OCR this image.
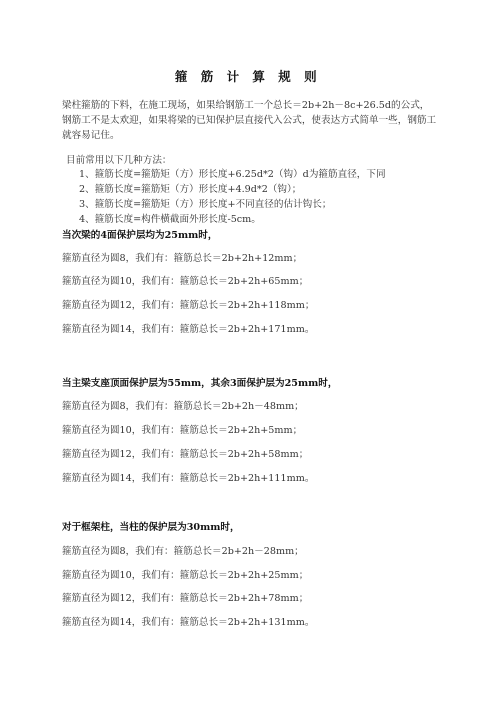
箍 筋 计 算 规 则
梁柱箍筋的下料，在施工现场，如果给钢筋工一个总长＝2b+2h－8c+26.5d的公式，钢筋工不是太欢迎，如果将梁的已知保护层直接代入公式，使表达方式简单一些，钢筋工就容易记住。
目前常用以下几种方法：
1、箍筋长度=箍筋矩（方）形长度+6.25d*2（钩）d为箍筋直径，下同
2、箍筋长度=箍筋矩（方）形长度+4.9d*2（钩）；
3、箍筋长度=箍筋矩（方）形长度+不同直径的估计钩长；
4、箍筋长度=构件横截面外形长度-5cm。
当次梁的4面保护层均为25mm时，
箍筋直径为圆8，我们有：箍筋总长＝2b+2h+12mm；
箍筋直径为圆10，我们有：箍筋总长＝2b+2h+65mm；
箍筋直径为圆12，我们有：箍筋总长＝2b+2h+118mm；
箍筋直径为圆14，我们有：箍筋总长＝2b+2h+171mm。
当主梁支座顶面保护层为55mm，其余3面保护层为25mm时，
箍筋直径为圆8，我们有：箍筋总长＝2b+2h－48mm；
箍筋直径为圆10，我们有：箍筋总长＝2b+2h+5mm；
箍筋直径为圆12，我们有：箍筋总长＝2b+2h+58mm；
箍筋直径为圆14，我们有：箍筋总长＝2b+2h+111mm。
对于框架柱，当柱的保护层为30mm时，
箍筋直径为圆8，我们有：箍筋总长＝2b+2h－28mm；
箍筋直径为圆10，我们有：箍筋总长＝2b+2h+25mm；
箍筋直径为圆12，我们有：箍筋总长＝2b+2h+78mm；
箍筋直径为圆14，我们有：箍筋总长＝2b+2h+131mm。
